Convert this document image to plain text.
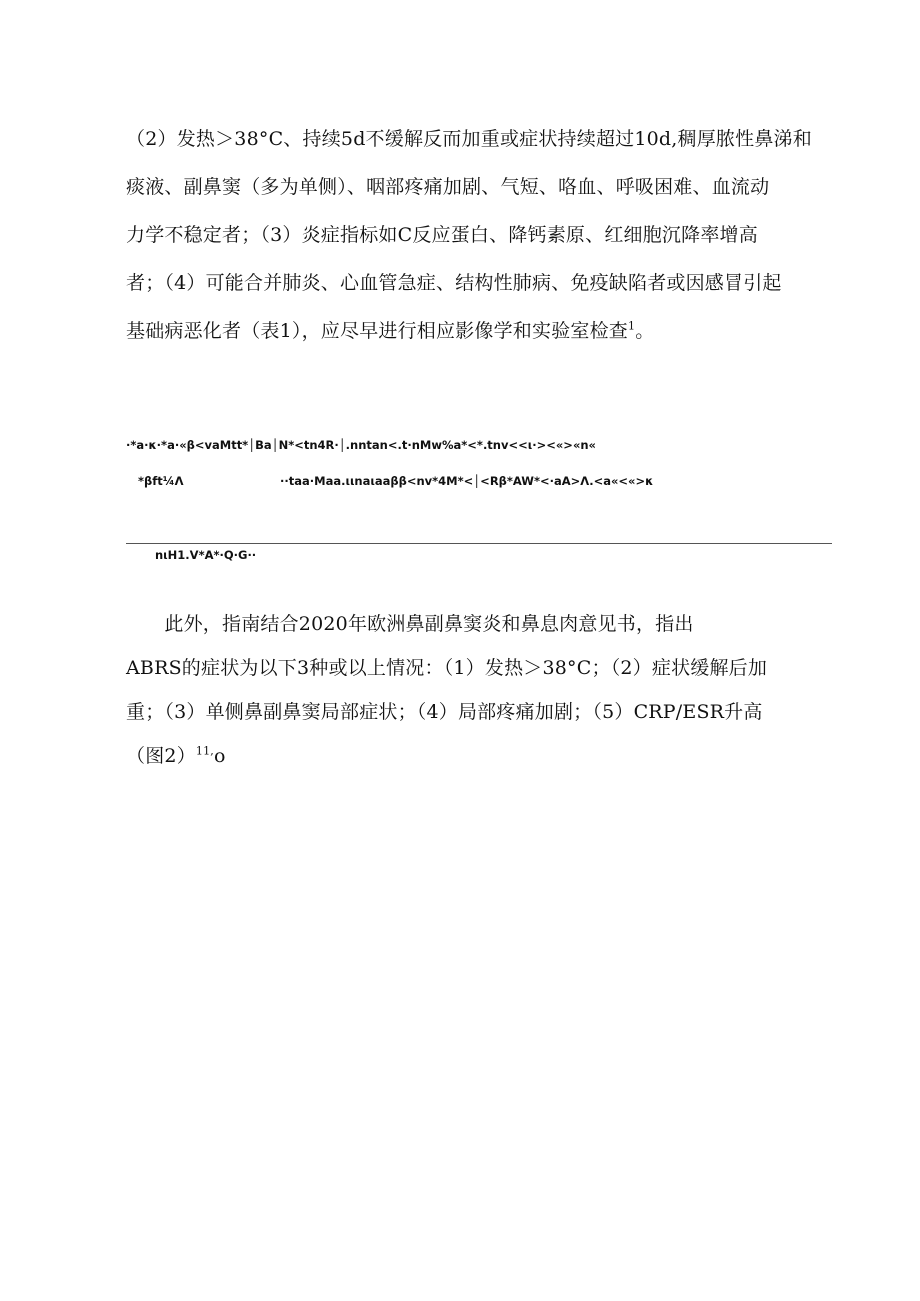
（2）发热＞38°C、持续5d不缓解反而加重或症状持续超过10d,稠厚脓性鼻涕和
痰液、副鼻窦（多为单侧）、咽部疼痛加剧、气短、咯血、呼吸困难、血流动
力学不稳定者；（3）炎症指标如C反应蛋白、降钙素原、红细胞沉降率增高
者；（4）可能合并肺炎、心血管急症、结构性肺病、免疫缺陷者或因感冒引起
基础病恶化者（表1），应尽早进行相应影像学和实验室检查$^1$。
·*a·κ·*a·«β<vaMtt*│Ba│N*<tn4R·│.nntan<.t·nMw%a*<*.tnv<<ι·><«>«n«
*βft¼Λ	··taa·Maa.ιιnaιaaββ<nv*4M*<│<Rβ*AW*<·aA>Λ.<a«<«>κ
nιH1.V*A*·Q·G··
　　此外，指南结合2020年欧洲鼻副鼻窦炎和鼻息肉意见书，指出
ABRS的症状为以下3种或以上情况：（1）发热＞38°C；（2）症状缓解后加
重；（3）单侧鼻副鼻窦局部症状；（4）局部疼痛加剧；（5）CRP/ESR升高
（图2）$^{11,}$o
